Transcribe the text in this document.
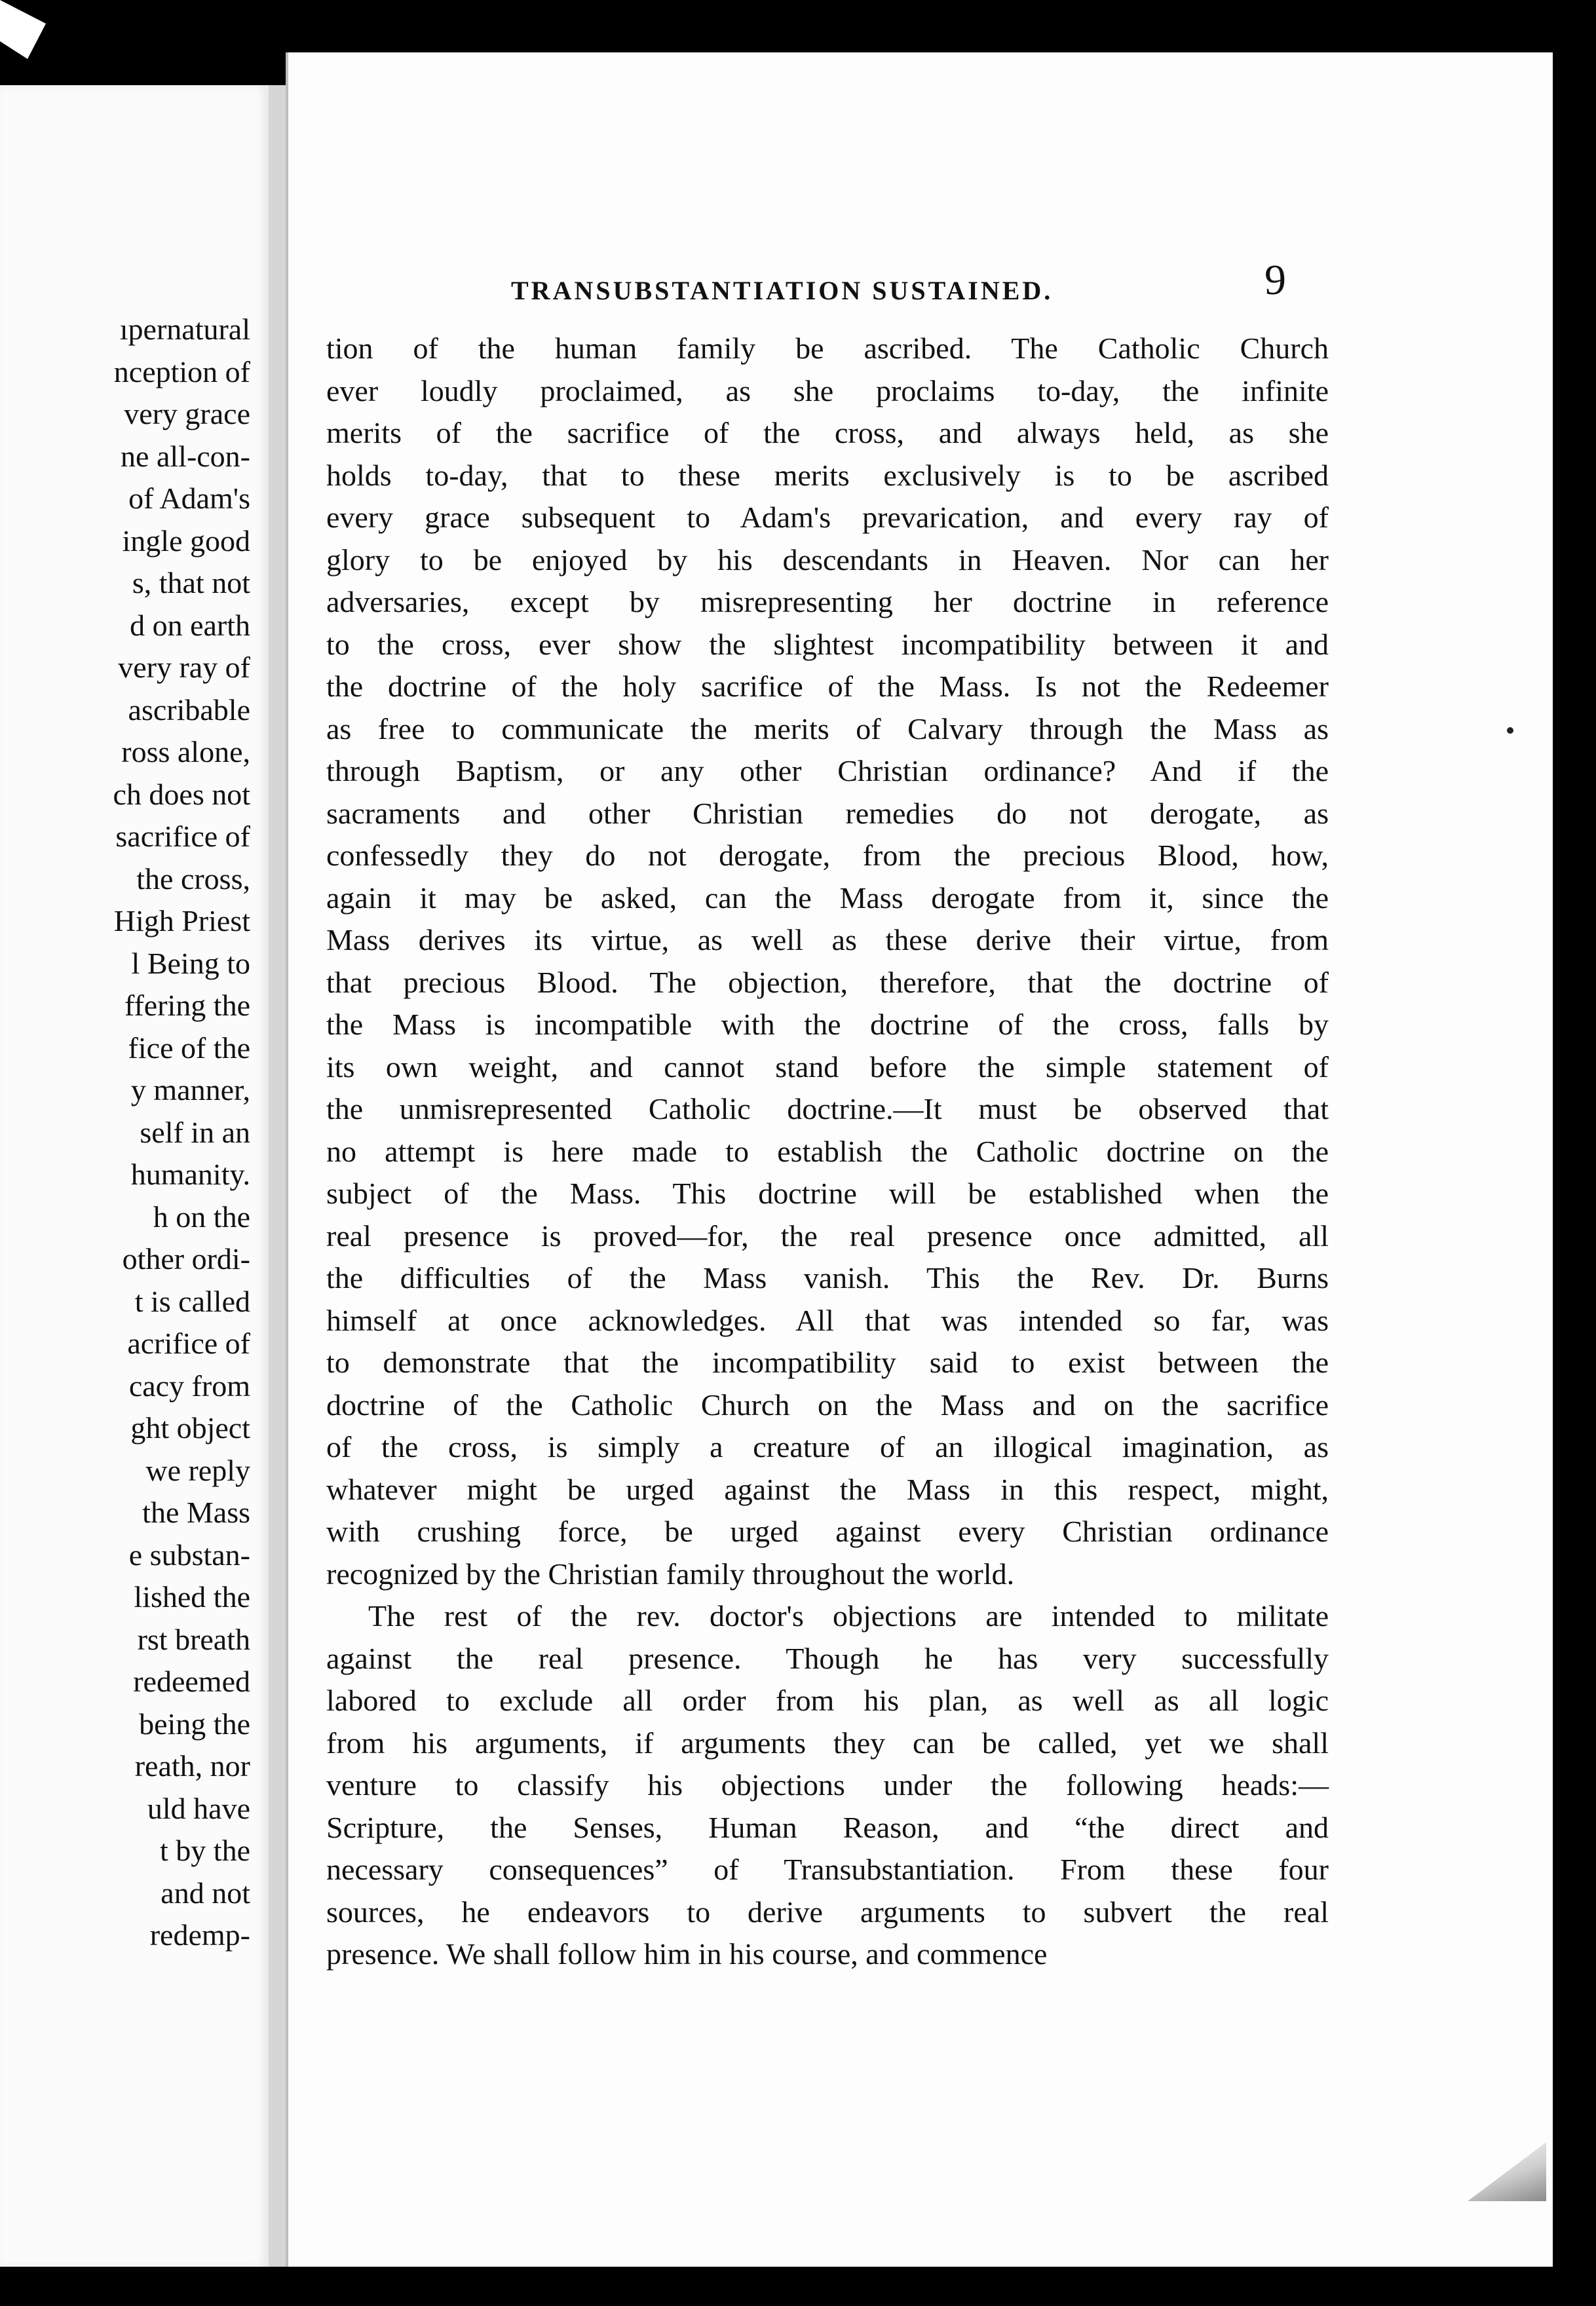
ıpernatural
nception of
very grace
ne all-con-
of Adam's
ingle good
s, that not
d on earth
very ray of
ascribable
ross alone,
ch does not
sacrifice of
the cross,
High Priest
l Being to
ffering the
fice of the
y manner,
self in an
humanity.
h on the
other ordi-
t is called
acrifice of
cacy from
ght object
we reply
the Mass
e substan-
lished the
rst breath
redeemed
being the
reath, nor
uld have
t by the
and not
redemp-
TRANSUBSTANTIATION SUSTAINED.	9
tion of the human family be ascribed. The Catholic Church
ever loudly proclaimed, as she proclaims to-day, the infinite
merits of the sacrifice of the cross, and always held, as she
holds to-day, that to these merits exclusively is to be ascribed
every grace subsequent to Adam's prevarication, and every ray of
glory to be enjoyed by his descendants in Heaven. Nor can her
adversaries, except by misrepresenting her doctrine in reference
to the cross, ever show the slightest incompatibility between it and
the doctrine of the holy sacrifice of the Mass. Is not the Redeemer
as free to communicate the merits of Calvary through the Mass as
through Baptism, or any other Christian ordinance? And if the
sacraments and other Christian remedies do not derogate, as
confessedly they do not derogate, from the precious Blood, how,
again it may be asked, can the Mass derogate from it, since the
Mass derives its virtue, as well as these derive their virtue, from
that precious Blood. The objection, therefore, that the doctrine of
the Mass is incompatible with the doctrine of the cross, falls by
its own weight, and cannot stand before the simple statement of
the unmisrepresented Catholic doctrine.—It must be observed that
no attempt is here made to establish the Catholic doctrine on the
subject of the Mass. This doctrine will be established when the
real presence is proved—for, the real presence once admitted, all
the difficulties of the Mass vanish. This the Rev. Dr. Burns
himself at once acknowledges. All that was intended so far, was
to demonstrate that the incompatibility said to exist between the
doctrine of the Catholic Church on the Mass and on the sacrifice
of the cross, is simply a creature of an illogical imagination, as
whatever might be urged against the Mass in this respect, might,
with crushing force, be urged against every Christian ordinance
recognized by the Christian family throughout the world.
The rest of the rev. doctor's objections are intended to militate
against the real presence. Though he has very successfully
labored to exclude all order from his plan, as well as all logic
from his arguments, if arguments they can be called, yet we shall
venture to classify his objections under the following heads:—
Scripture, the Senses, Human Reason, and “the direct and
necessary consequences” of Transubstantiation. From these four
sources, he endeavors to derive arguments to subvert the real
presence. We shall follow him in his course, and commence
